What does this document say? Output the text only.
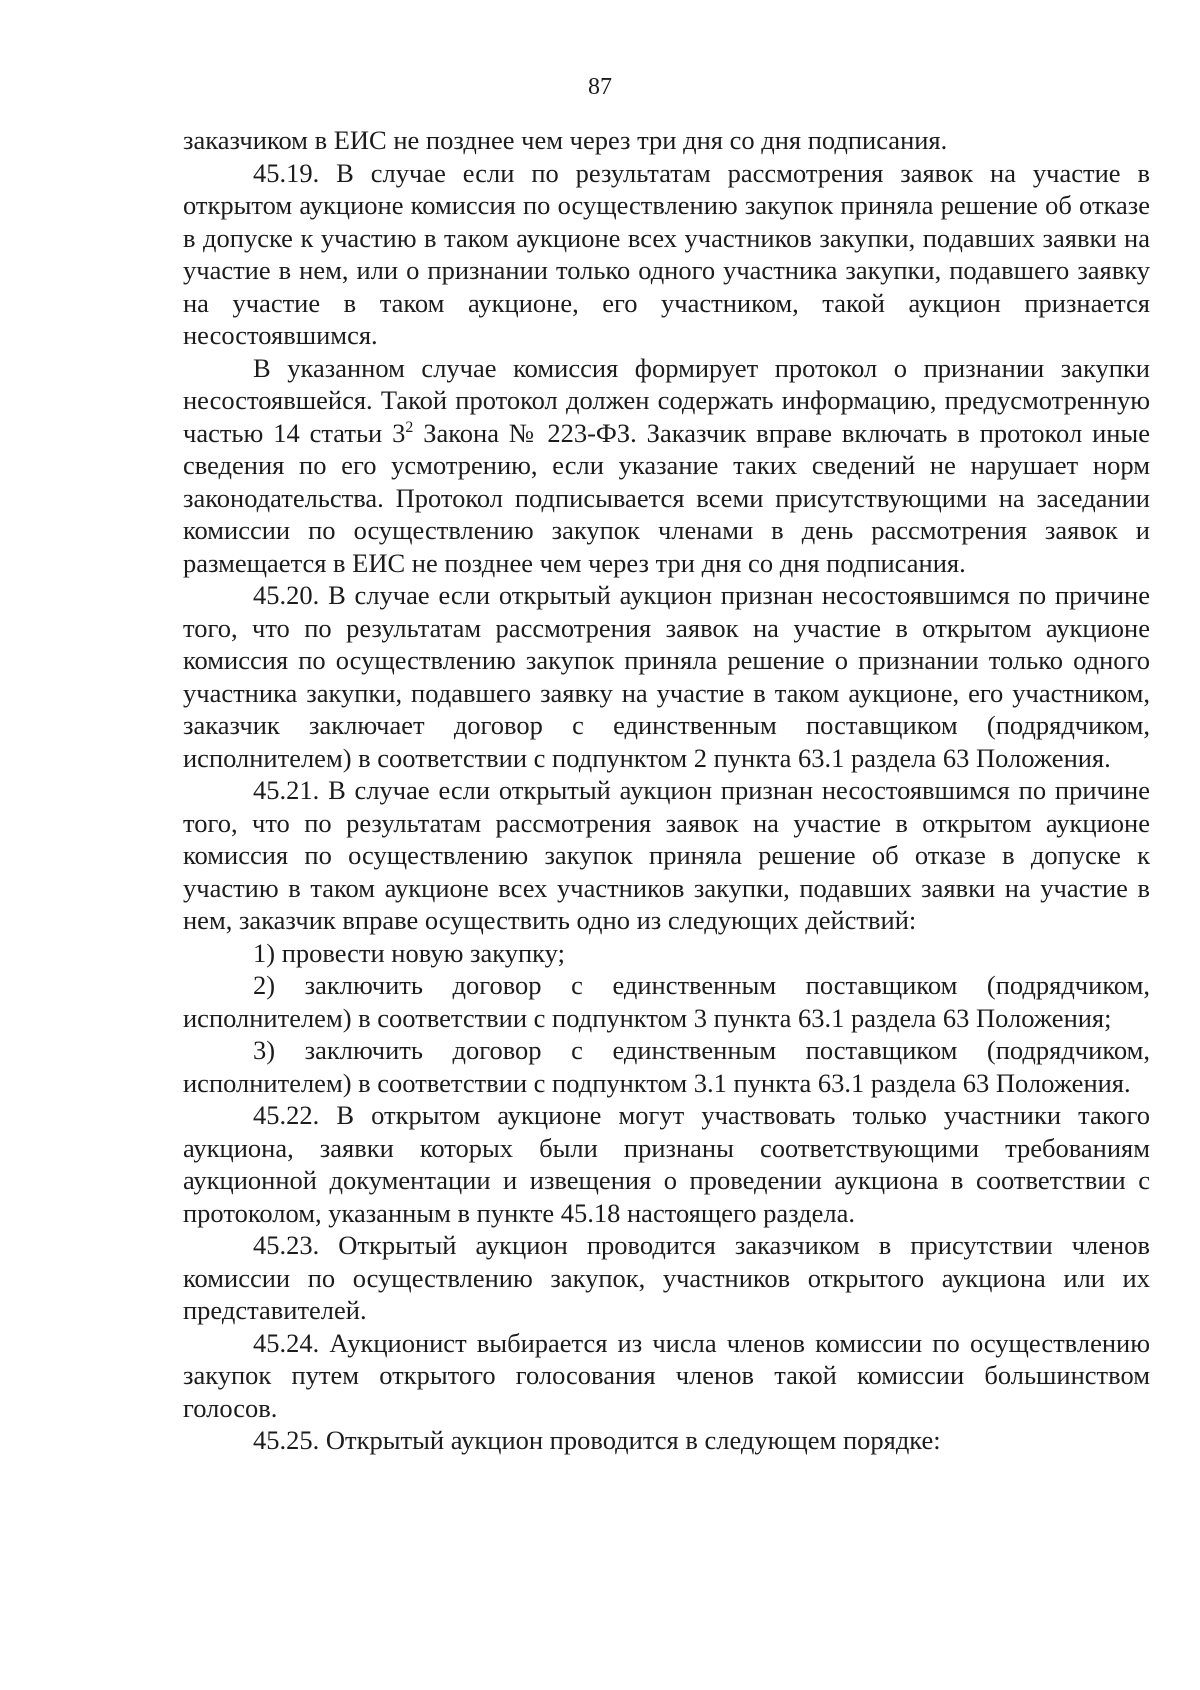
87

заказчиком в ЕИС не позднее чем через три дня со дня подписания.

45.19. В случае если по результатам рассмотрения заявок на участие в открытом аукционе комиссия по осуществлению закупок приняла решение об отказе в допуске к участию в таком аукционе всех участников закупки, подавших заявки на участие в нем, или о признании только одного участника закупки, подавшего заявку на участие в таком аукционе, его участником, такой аукцион признается несостоявшимся.

В указанном случае комиссия формирует протокол о признании закупки несостоявшейся. Такой протокол должен содержать информацию, предусмотренную частью 14 статьи $3^2$ Закона № 223-ФЗ. Заказчик вправе включать в протокол иные сведения по его усмотрению, если указание таких сведений не нарушает норм законодательства. Протокол подписывается всеми присутствующими на заседании комиссии по осуществлению закупок членами в день рассмотрения заявок и размещается в ЕИС не позднее чем через три дня со дня подписания.

45.20. В случае если открытый аукцион признан несостоявшимся по причине того, что по результатам рассмотрения заявок на участие в открытом аукционе комиссия по осуществлению закупок приняла решение о признании только одного участника закупки, подавшего заявку на участие в таком аукционе, его участником, заказчик заключает договор с единственным поставщиком (подрядчиком, исполнителем) в соответствии с подпунктом 2 пункта 63.1 раздела 63 Положения.

45.21. В случае если открытый аукцион признан несостоявшимся по причине того, что по результатам рассмотрения заявок на участие в открытом аукционе комиссия по осуществлению закупок приняла решение об отказе в допуске к участию в таком аукционе всех участников закупки, подавших заявки на участие в нем, заказчик вправе осуществить одно из следующих действий:

1) провести новую закупку;

2) заключить договор с единственным поставщиком (подрядчиком, исполнителем) в соответствии с подпунктом 3 пункта 63.1 раздела 63 Положения;

3) заключить договор с единственным поставщиком (подрядчиком, исполнителем) в соответствии с подпунктом 3.1 пункта 63.1 раздела 63 Положения.

45.22. В открытом аукционе могут участвовать только участники такого аукциона, заявки которых были признаны соответствующими требованиям аукционной документации и извещения о проведении аукциона в соответствии с протоколом, указанным в пункте 45.18 настоящего раздела.

45.23. Открытый аукцион проводится заказчиком в присутствии членов комиссии по осуществлению закупок, участников открытого аукциона или их представителей.

45.24. Аукционист выбирается из числа членов комиссии по осуществлению закупок путем открытого голосования членов такой комиссии большинством голосов.

45.25. Открытый аукцион проводится в следующем порядке:
